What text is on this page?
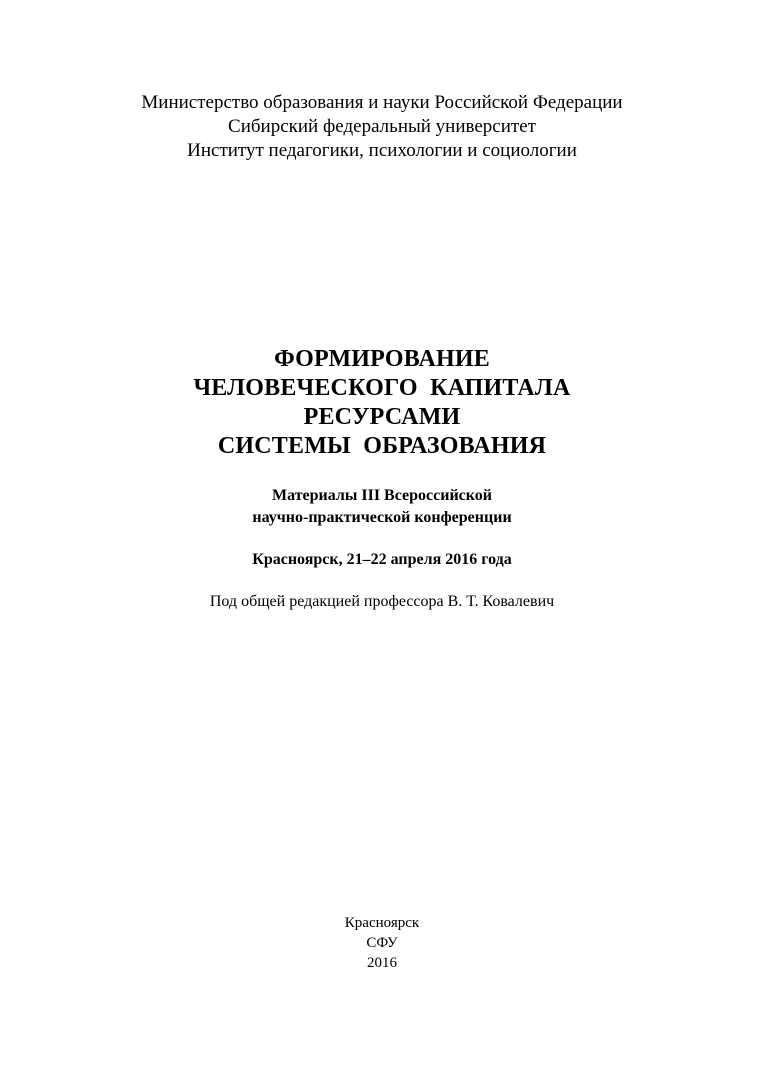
Министерство образования и науки Российской Федерации
Сибирский федеральный университет
Институт педагогики, психологии и социологии
ФОРМИРОВАНИЕ
ЧЕЛОВЕЧЕСКОГО  КАПИТАЛА
РЕСУРСАМИ
СИСТЕМЫ  ОБРАЗОВАНИЯ
Материалы III Всероссийской
научно-практической конференции
Красноярск, 21–22 апреля 2016 года
Под общей редакцией профессора В. Т. Ковалевич
Красноярск
СФУ
2016
